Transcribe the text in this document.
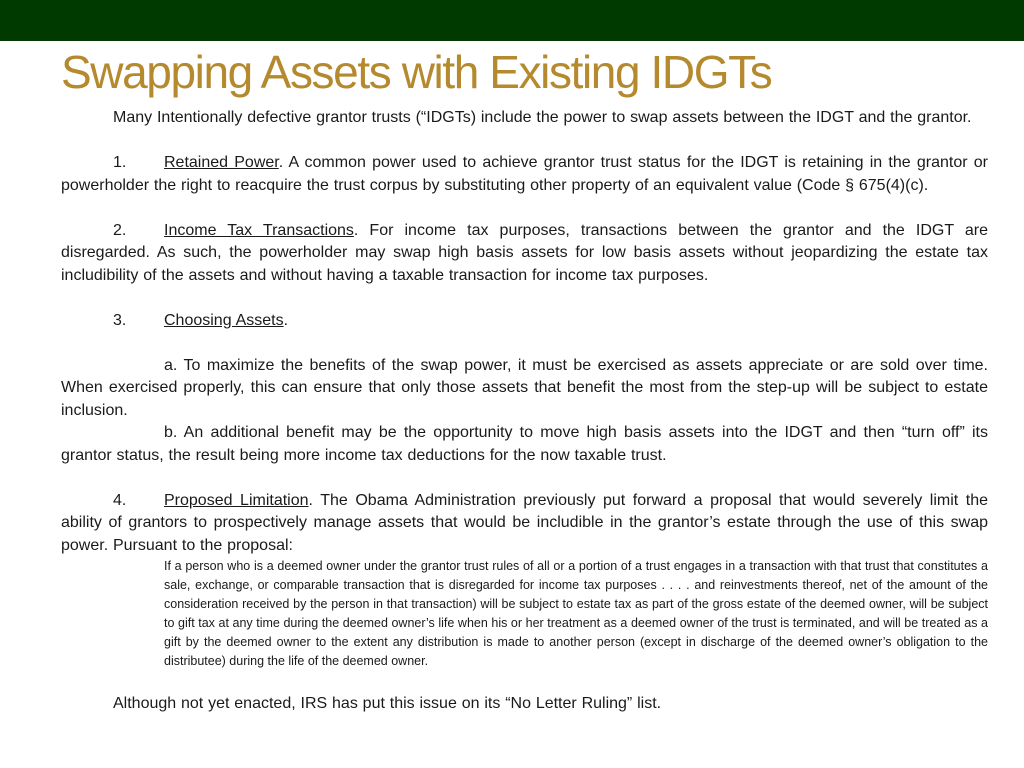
Swapping Assets with Existing IDGTs

Many Intentionally defective grantor trusts (“IDGTs) include the power to swap assets between the IDGT and the grantor.

1. Retained Power. A common power used to achieve grantor trust status for the IDGT is retaining in the grantor or powerholder the right to reacquire the trust corpus by substituting other property of an equivalent value (Code § 675(4)(c).

2. Income Tax Transactions. For income tax purposes, transactions between the grantor and the IDGT are disregarded. As such, the powerholder may swap high basis assets for low basis assets without jeopardizing the estate tax includibility of the assets and without having a taxable transaction for income tax purposes.

3. Choosing Assets.

a. To maximize the benefits of the swap power, it must be exercised as assets appreciate or are sold over time. When exercised properly, this can ensure that only those assets that benefit the most from the step-up will be subject to estate inclusion.

b. An additional benefit may be the opportunity to move high basis assets into the IDGT and then “turn off” its grantor status, the result being more income tax deductions for the now taxable trust.

4. Proposed Limitation. The Obama Administration previously put forward a proposal that would severely limit the ability of grantors to prospectively manage assets that would be includible in the grantor’s estate through the use of this swap power. Pursuant to the proposal:

If a person who is a deemed owner under the grantor trust rules of all or a portion of a trust engages in a transaction with that trust that constitutes a sale, exchange, or comparable transaction that is disregarded for income tax purposes . . . . and reinvestments thereof, net of the amount of the consideration received by the person in that transaction) will be subject to estate tax as part of the gross estate of the deemed owner, will be subject to gift tax at any time during the deemed owner’s life when his or her treatment as a deemed owner of the trust is terminated, and will be treated as a gift by the deemed owner to the extent any distribution is made to another person (except in discharge of the deemed owner’s obligation to the distributee) during the life of the deemed owner.

Although not yet enacted, IRS has put this issue on its “No Letter Ruling” list.
